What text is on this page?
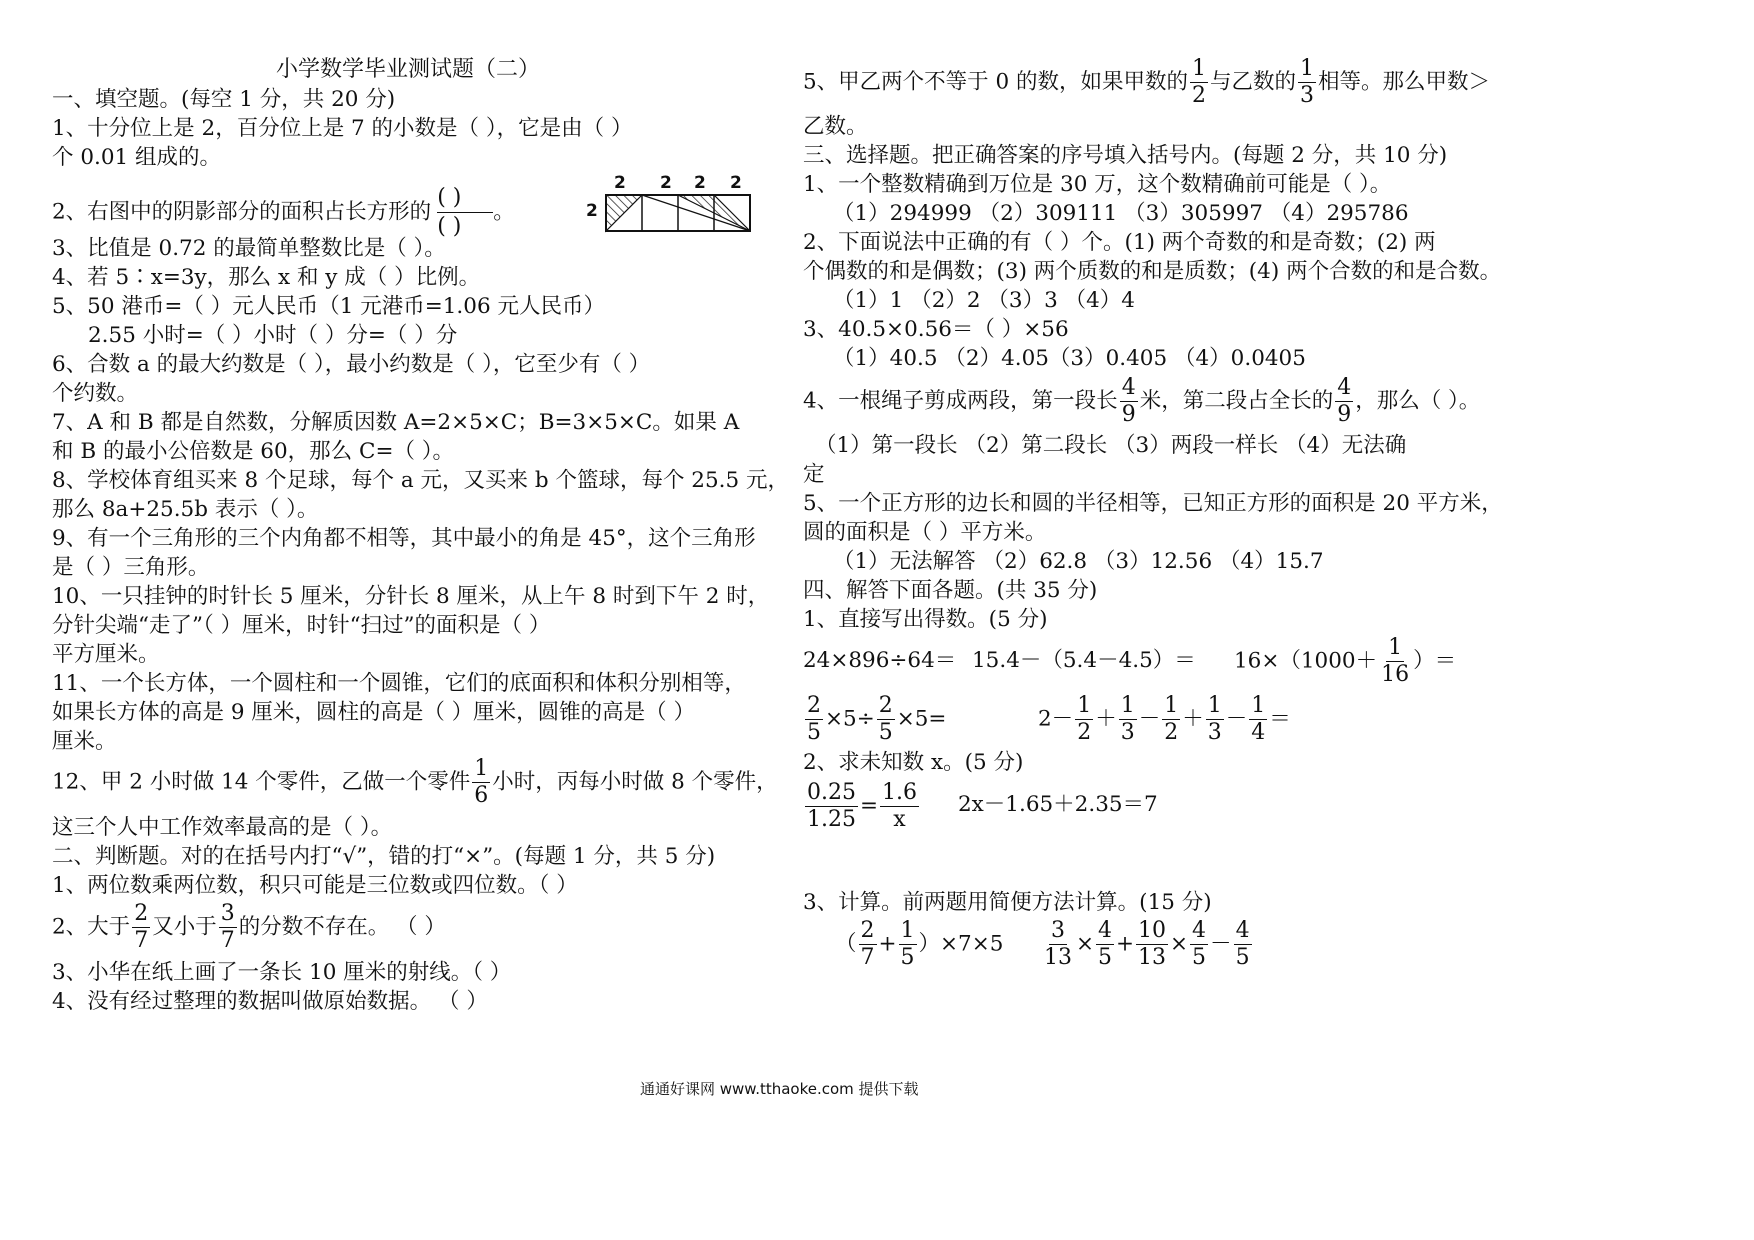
小学数学毕业测试题（二）
一、填空题。(每空 1 分，共 20 分)
1、十分位上是 2，百分位上是 7 的小数是（ ），它是由（ ）
个 0.01 组成的。
2、右图中的阴影部分的面积占长方形的 $\frac{( )}{( )}$ 。
2 2 2 2
2
3、比值是 0.72 的最简单整数比是（ ）。
4、若 5∶x=3y，那么 x 和 y 成（ ）比例。
5、50 港币=（ ）元人民币（1 元港币=1.06 元人民币）
2.55 小时=（ ）小时（ ）分=（ ）分
6、合数 a 的最大约数是（ ），最小约数是（ ），它至少有（ ）
个约数。
7、A 和 B 都是自然数，分解质因数 A=2×5×C；B=3×5×C。如果 A
和 B 的最小公倍数是 60，那么 C=（ ）。
8、学校体育组买来 8 个足球，每个 a 元，又买来 b 个篮球，每个 25.5 元，
那么 8a+25.5b 表示（ ）。
9、有一个三角形的三个内角都不相等，其中最小的角是 45°，这个三角形
是（ ）三角形。
10、一只挂钟的时针长 5 厘米，分针长 8 厘米，从上午 8 时到下午 2 时，
分针尖端“走了”（ ）厘米，时针“扫过”的面积是（ ）
平方厘米。
11、一个长方体，一个圆柱和一个圆锥，它们的底面积和体积分别相等，
如果长方体的高是 9 厘米，圆柱的高是（ ）厘米，圆锥的高是（ ）
厘米。
12、甲 2 小时做 14 个零件，乙做一个零件 $\frac{1}{6}$ 小时，丙每小时做 8 个零件，
这三个人中工作效率最高的是（ ）。
二、判断题。对的在括号内打“√”，错的打“×”。(每题 1 分，共 5 分)
1、两位数乘两位数，积只可能是三位数或四位数。（ ）
2、大于 $\frac{2}{7}$ 又小于 $\frac{3}{7}$ 的分数不存在。 （ ）
3、小华在纸上画了一条长 10 厘米的射线。（ ）
4、没有经过整理的数据叫做原始数据。 （ ）
5、甲乙两个不等于 0 的数，如果甲数的 $\frac{1}{2}$ 与乙数的 $\frac{1}{3}$ 相等。那么甲数＞
乙数。
三、选择题。把正确答案的序号填入括号内。(每题 2 分，共 10 分)
1、一个整数精确到万位是 30 万，这个数精确前可能是（ ）。
（1）294999 （2）309111 （3）305997 （4）295786
2、下面说法中正确的有（ ）个。(1) 两个奇数的和是奇数；(2) 两
个偶数的和是偶数；(3) 两个质数的和是质数；(4) 两个合数的和是合数。
（1）1 （2）2 （3）3 （4）4
3、40.5×0.56＝（ ）×56
（1）40.5 （2）4.05（3）0.405 （4）0.0405
4、一根绳子剪成两段，第一段长 $\frac{4}{9}$ 米，第二段占全长的 $\frac{4}{9}$ ，那么（ ）。
（1）第一段长 （2）第二段长 （3）两段一样长 （4）无法确
定
5、一个正方形的边长和圆的半径相等，已知正方形的面积是 20 平方米，
圆的面积是（ ）平方米。
（1）无法解答 （2）62.8 （3）12.56 （4）15.7
四、解答下面各题。(共 35 分)
1、直接写出得数。(5 分)
$24\times 896\div 64= 15.4-(5.4-4.5)= 16\times(1000+ \frac{1}{16}$ ）＝
$\frac{2}{5} \times 5\div \frac{2}{5} \times 5=$	$2- \frac{1}{2} + \frac{1}{3} - \frac{1}{2} + \frac{1}{3} - \frac{1}{4}$ ＝
2、求未知数 x。(5 分)
$\frac{0.25}{1.25} = \frac{1.6}{x} 2x-1.65+2.35=7$
3、计算。前两题用简便方法计算。(15 分)
（ $\frac{2}{7} + \frac{1}{5} )\times 7\times 5 \frac{3}{13} \times \frac{4}{5} + \frac{10}{13} \times \frac{4}{5} - \frac{4}{5}$
通通好课网 www.tthaoke.com 提供下载
